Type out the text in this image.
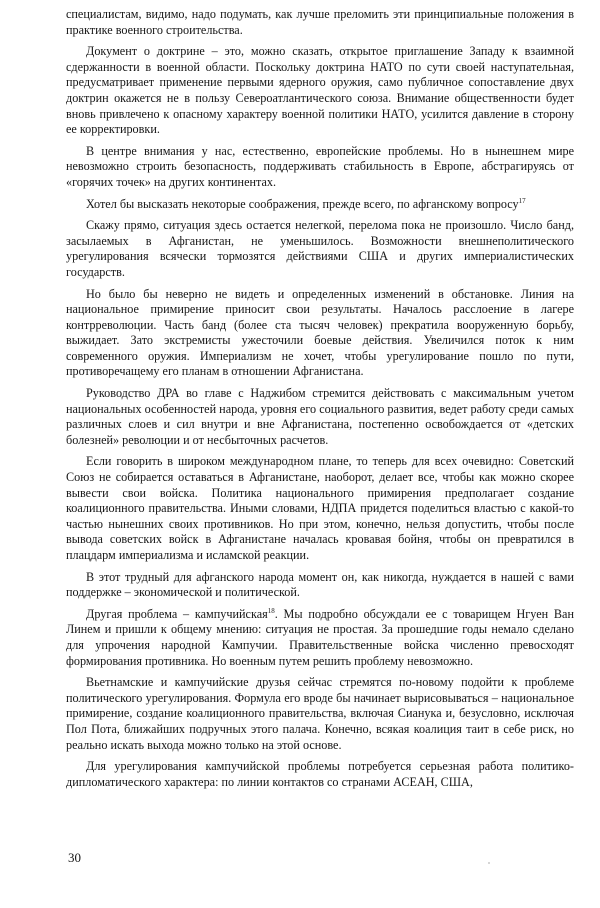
специалистам, видимо, надо подумать, как лучше преломить эти принципиальные положения в практике военного строительства.

Документ о доктрине – это, можно сказать, открытое приглашение Западу к взаимной сдержанности в военной области. Поскольку доктрина НАТО по сути своей наступательная, предусматривает применение первыми ядерного оружия, само публичное сопоставление двух доктрин окажется не в пользу Североатлантического союза. Внимание общественности будет вновь привлечено к опасному характеру военной политики НАТО, усилится давление в сторону ее корректировки.

В центре внимания у нас, естественно, европейские проблемы. Но в нынешнем мире невозможно строить безопасность, поддерживать стабильность в Европе, абстрагируясь от «горячих точек» на других континентах.

Хотел бы высказать некоторые соображения, прежде всего, по афганскому вопросу$^{17}$

Скажу прямо, ситуация здесь остается нелегкой, перелома пока не произошло. Число банд, засылаемых в Афганистан, не уменьшилось. Возможности внешнеполитического урегулирования всячески тормозятся действиями США и других империалистических государств.

Но было бы неверно не видеть и определенных изменений в обстановке. Линия на национальное примирение приносит свои результаты. Началось расслоение в лагере контрреволюции. Часть банд (более ста тысяч человек) прекратила вооруженную борьбу, выжидает. Зато экстремисты ужесточили боевые действия. Увеличился поток к ним современного оружия. Империализм не хочет, чтобы урегулирование пошло по пути, противоречащему его планам в отношении Афганистана.

Руководство ДРА во главе с Наджибом стремится действовать с максимальным учетом национальных особенностей народа, уровня его социального развития, ведет работу среди самых различных слоев и сил внутри и вне Афганистана, постепенно освобождается от «детских болезней» революции и от несбыточных расчетов.

Если говорить в широком международном плане, то теперь для всех очевидно: Советский Союз не собирается оставаться в Афганистане, наоборот, делает все, чтобы как можно скорее вывести свои войска. Политика национального примирения предполагает создание коалиционного правительства. Иными словами, НДПА придется поделиться властью с какой-то частью нынешних своих противников. Но при этом, конечно, нельзя допустить, чтобы после вывода советских войск в Афганистане началась кровавая бойня, чтобы он превратился в плацдарм империализма и исламской реакции.

В этот трудный для афганского народа момент он, как никогда, нуждается в нашей с вами поддержке – экономической и политической.

Другая проблема – кампучийская$^{18}$. Мы подробно обсуждали ее с товарищем Нгуен Ван Линем и пришли к общему мнению: ситуация не простая. За прошедшие годы немало сделано для упрочения народной Кампучии. Правительственные войска численно превосходят формирования противника. Но военным путем решить проблему невозможно.

Вьетнамские и кампучийские друзья сейчас стремятся по-новому подойти к проблеме политического урегулирования. Формула его вроде бы начинает вырисовываться – национальное примирение, создание коалиционного правительства, включая Сианука и, безусловно, исключая Пол Пота, ближайших подручных этого палача. Конечно, всякая коалиция таит в себе риск, но реально искать выхода можно только на этой основе.

Для урегулирования кампучийской проблемы потребуется серьезная работа политико-дипломатического характера: по линии контактов со странами АСЕАН, США,

30
